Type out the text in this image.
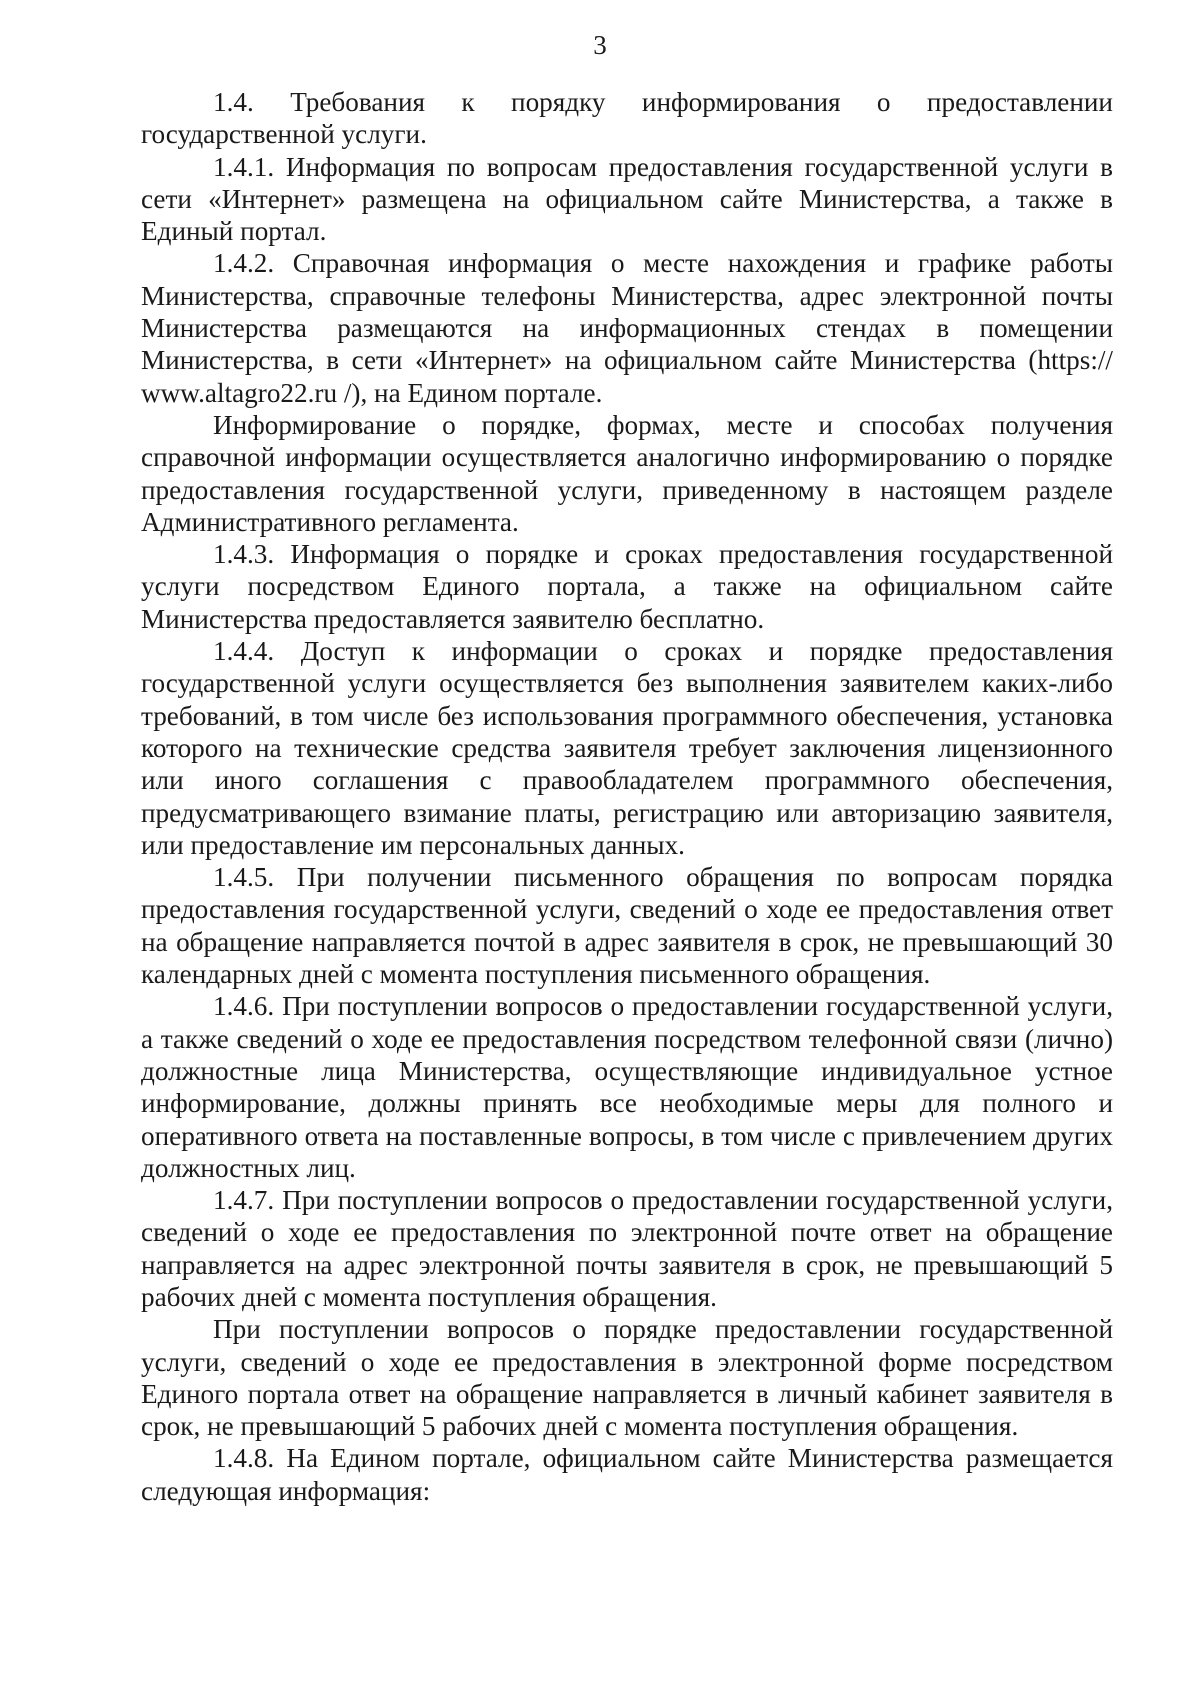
3

1.4. Требования к порядку информирования о предоставлении государственной услуги.

1.4.1. Информация по вопросам предоставления государственной услуги в сети «Интернет» размещена на официальном сайте Министерства, а также в Единый портал.

1.4.2. Справочная информация о месте нахождения и графике работы Министерства, справочные телефоны Министерства, адрес электронной почты Министерства размещаются на информационных стендах в помещении Министерства, в сети «Интернет» на официальном сайте Министерства (https:// www.altagro22.ru /), на Едином портале.

Информирование о порядке, формах, месте и способах получения справочной информации осуществляется аналогично информированию о порядке предоставления государственной услуги, приведенному в настоящем разделе Административного регламента.

1.4.3. Информация о порядке и сроках предоставления государственной услуги посредством Единого портала, а также на официальном сайте Министерства предоставляется заявителю бесплатно.

1.4.4. Доступ к информации о сроках и порядке предоставления государственной услуги осуществляется без выполнения заявителем каких-либо требований, в том числе без использования программного обеспечения, установка которого на технические средства заявителя требует заключения лицензионного или иного соглашения с правообладателем программного обеспечения, предусматривающего взимание платы, регистрацию или авторизацию заявителя, или предоставление им персональных данных.

1.4.5. При получении письменного обращения по вопросам порядка предоставления государственной услуги, сведений о ходе ее предоставления ответ на обращение направляется почтой в адрес заявителя в срок, не превышающий 30 календарных дней с момента поступления письменного обращения.

1.4.6. При поступлении вопросов о предоставлении государственной услуги, а также сведений о ходе ее предоставления посредством телефонной связи (лично) должностные лица Министерства, осуществляющие индивидуальное устное информирование, должны принять все необходимые меры для полного и оперативного ответа на поставленные вопросы, в том числе с привлечением других должностных лиц.

1.4.7. При поступлении вопросов о предоставлении государственной услуги, сведений о ходе ее предоставления по электронной почте ответ на обращение направляется на адрес электронной почты заявителя в срок, не превышающий 5 рабочих дней с момента поступления обращения.

При поступлении вопросов о порядке предоставлении государственной услуги, сведений о ходе ее предоставления в электронной форме посредством Единого портала ответ на обращение направляется в личный кабинет заявителя в срок, не превышающий 5 рабочих дней с момента поступления обращения.

1.4.8. На Едином портале, официальном сайте Министерства размещается следующая информация:
